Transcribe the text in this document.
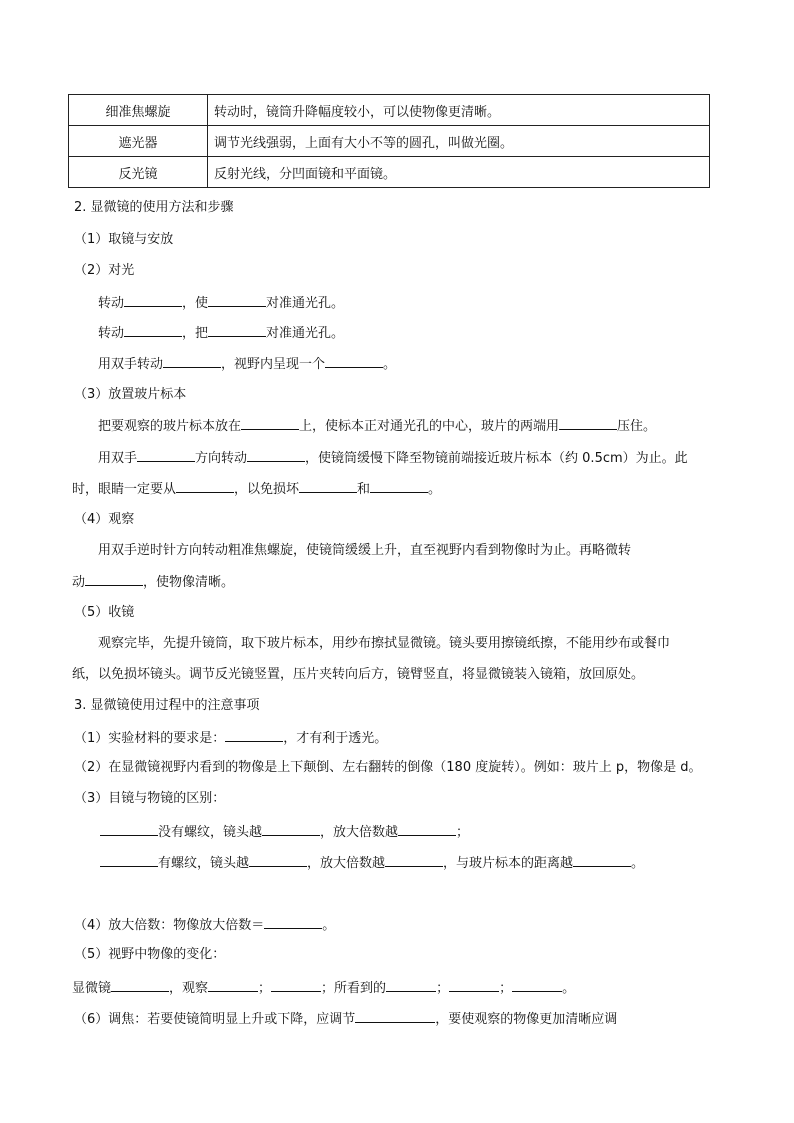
细准焦螺旋	转动时，镜筒升降幅度较小，可以使物像更清晰。
遮光器	调节光线强弱，上面有大小不等的圆孔，叫做光圈。
反光镜	反射光线，分凹面镜和平面镜。
2. 显微镜的使用方法和步骤
（1）取镜与安放
（2）对光
转动	，使	对准通光孔。
转动	，把	对准通光孔。
用双手转动	，视野内呈现一个	。
（3）放置玻片标本
把要观察的玻片标本放在	上，使标本正对通光孔的中心，玻片的两端用	压住。
用双手	方向转动	，使镜筒缓慢下降至物镜前端接近玻片标本（约 0.5cm）为止。此
时，眼睛一定要从	，以免损坏	和	。
（4）观察
用双手逆时针方向转动粗准焦螺旋，使镜筒缓缓上升，直至视野内看到物像时为止。再略微转
动	，使物像清晰。
（5）收镜
观察完毕，先提升镜筒，取下玻片标本，用纱布擦拭显微镜。镜头要用擦镜纸擦，不能用纱布或餐巾
纸，以免损坏镜头。调节反光镜竖置，压片夹转向后方，镜臂竖直，将显微镜装入镜箱，放回原处。
3. 显微镜使用过程中的注意事项
（1）实验材料的要求是：	，才有利于透光。
（2）在显微镜视野内看到的物像是上下颠倒、左右翻转的倒像（180 度旋转）。例如：玻片上 p，物像是 d。
（3）目镜与物镜的区别：
没有螺纹，镜头越	，放大倍数越	；
有螺纹，镜头越	，放大倍数越	，与玻片标本的距离越	。
（4）放大倍数：物像放大倍数＝	。
（5）视野中物像的变化：
显微镜	，观察	；	；所看到的	；	；	。
（6）调焦：若要使镜简明显上升或下降，应调节	，要使观察的物像更加清晰应调
